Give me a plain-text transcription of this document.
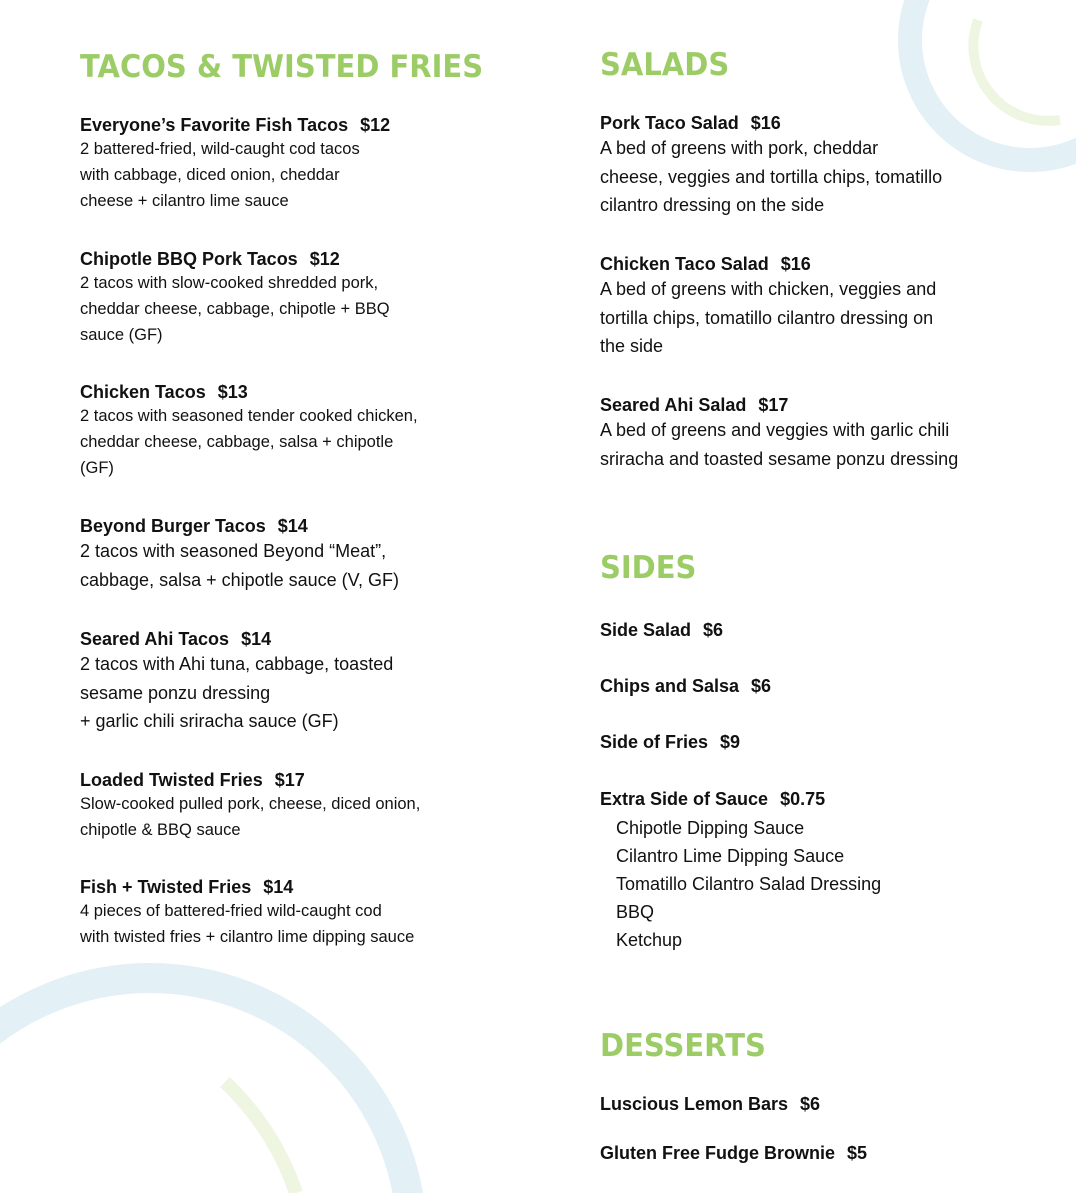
TACOS & TWISTED FRIES
Everyone’s Favorite Fish Tacos $12
2 battered-fried, wild-caught cod tacos
with cabbage, diced onion, cheddar
cheese + cilantro lime sauce
Chipotle BBQ Pork Tacos $12
2 tacos with slow-cooked shredded pork,
cheddar cheese, cabbage, chipotle + BBQ
sauce (GF)
Chicken Tacos $13
2 tacos with seasoned tender cooked chicken,
cheddar cheese, cabbage, salsa + chipotle
(GF)
Beyond Burger Tacos $14
2 tacos with seasoned Beyond “Meat”,
cabbage, salsa + chipotle sauce (V, GF)
Seared Ahi Tacos $14
2 tacos with Ahi tuna, cabbage, toasted
sesame ponzu dressing
+ garlic chili sriracha sauce (GF)
Loaded Twisted Fries $17
Slow-cooked pulled pork, cheese, diced onion,
chipotle & BBQ sauce
Fish + Twisted Fries $14
4 pieces of battered-fried wild-caught cod
with twisted fries + cilantro lime dipping sauce
SALADS
Pork Taco Salad $16
A bed of greens with pork, cheddar
cheese, veggies and tortilla chips, tomatillo
cilantro dressing on the side
Chicken Taco Salad $16
A bed of greens with chicken, veggies and
tortilla chips, tomatillo cilantro dressing on
the side
Seared Ahi Salad $17
A bed of greens and veggies with garlic chili
sriracha and toasted sesame ponzu dressing
SIDES
Side Salad $6
Chips and Salsa $6
Side of Fries $9
Extra Side of Sauce $0.75
Chipotle Dipping Sauce
Cilantro Lime Dipping Sauce
Tomatillo Cilantro Salad Dressing
BBQ
Ketchup
DESSERTS
Luscious Lemon Bars $6
Gluten Free Fudge Brownie $5
